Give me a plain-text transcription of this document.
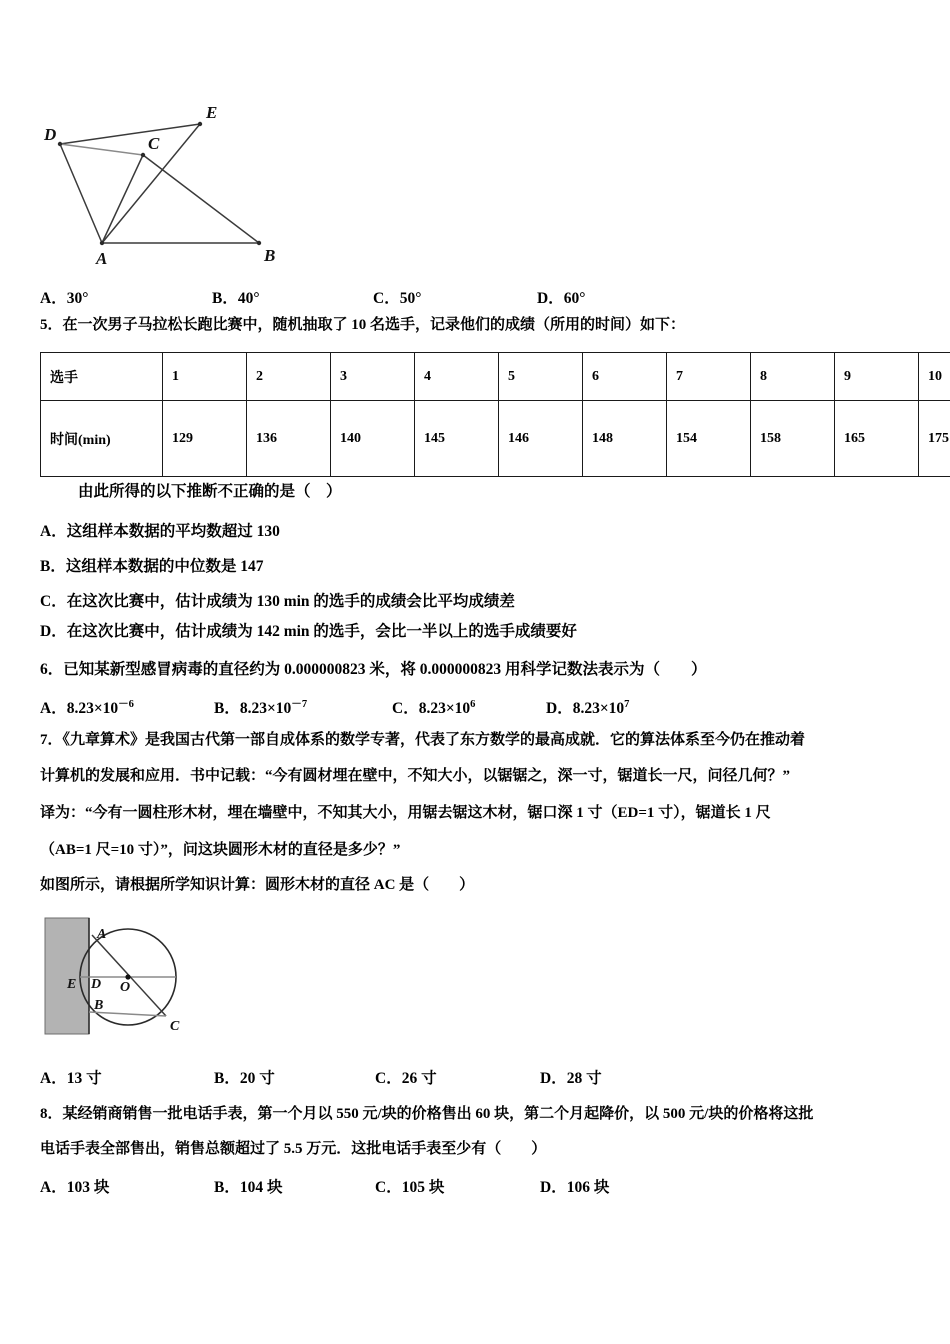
D
E
C
A	B
A．30°	B．40°	C．50°	D．60°
5．在一次男子马拉松长跑比赛中，随机抽取了 10 名选手，记录他们的成绩（所用的时间）如下：
选手	1	2	3	4	5	6	7	8	9	10
时间(min)	129	136	140	145	146	148	154	158	165	175
由此所得的以下推断不正确的是（　）
A．这组样本数据的平均数超过 130
B．这组样本数据的中位数是 147
C．在这次比赛中，估计成绩为 130 min 的选手的成绩会比平均成绩差
D．在这次比赛中，估计成绩为 142 min 的选手，会比一半以上的选手成绩要好
6．已知某新型感冒病毒的直径约为 0.000000823 米，将 0.000000823 用科学记数法表示为（　　）
A．$8.23\times 10^{-6}$	B．$8.23\times 10^{-7}$	C．$8.23\times 10^6$	D．$8.23\times 10^7$
7．《九章算术》是我国古代第一部自成体系的数学专著，代表了东方数学的最高成就．它的算法体系至今仍在推动着
计算机的发展和应用．书中记载：“今有圆材埋在壁中，不知大小，以锯锯之，深一寸，锯道长一尺，问径几何？”
译为：“今有一圆柱形木材，埋在墙壁中，不知其大小，用锯去锯这木材，锯口深 1 寸（ED=1 寸），锯道长 1 尺
（AB=1 尺=10 寸）”，问这块圆形木材的直径是多少？”
如图所示，请根据所学知识计算：圆形木材的直径 AC 是（　　）
A
E D O
B
C
A．13 寸	B．20 寸	C．26 寸	D．28 寸
8．某经销商销售一批电话手表，第一个月以 550 元/块的价格售出 60 块，第二个月起降价，以 500 元/块的价格将这批
电话手表全部售出，销售总额超过了 5.5 万元．这批电话手表至少有（　　）
A．103 块	B．104 块	C．105 块	D．106 块
